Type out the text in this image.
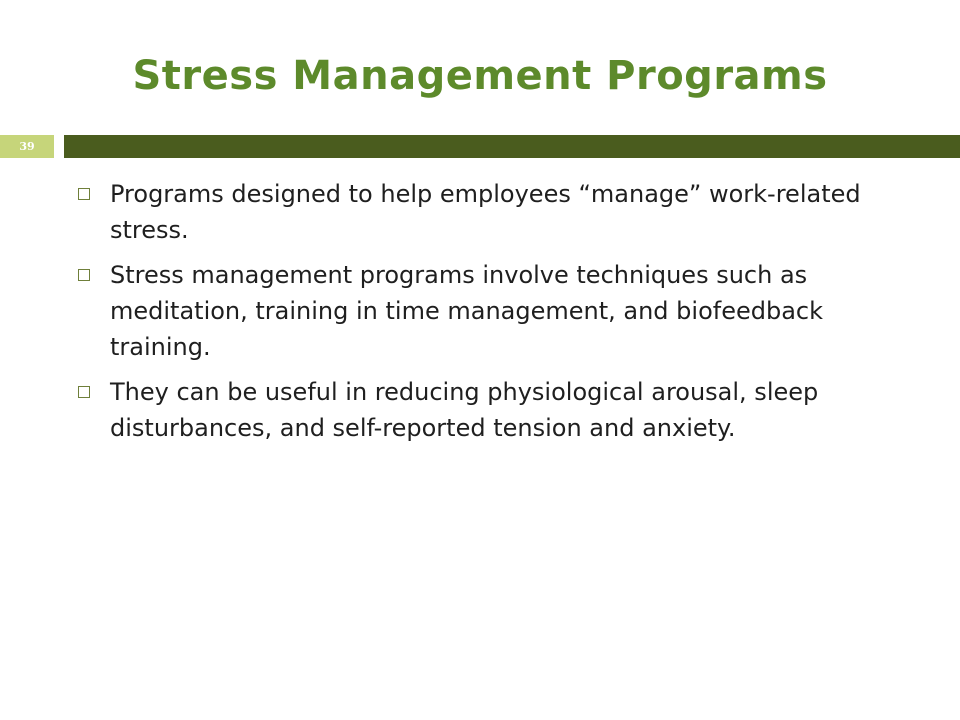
Stress Management Programs
39
Programs designed to help employees “manage” work-related stress.
Stress management programs involve techniques such as meditation, training in time management, and biofeedback training.
They can be useful in reducing physiological arousal, sleep disturbances, and self-reported tension and anxiety.
